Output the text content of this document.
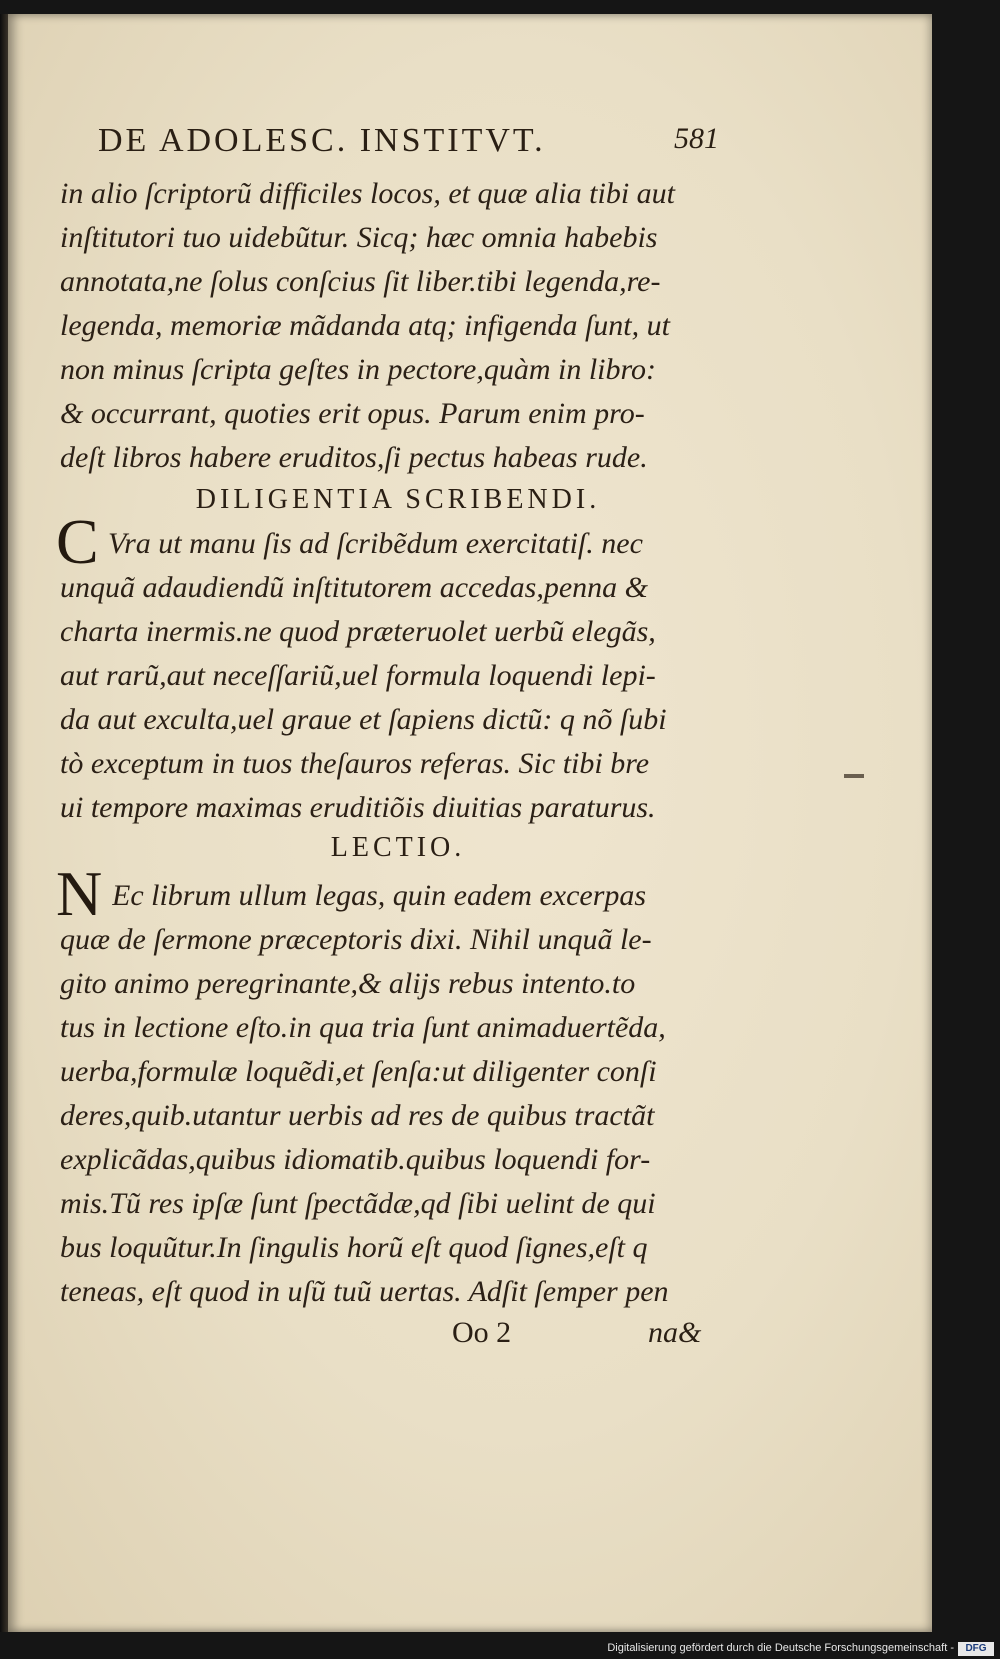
DE ADOLESC. INSTITVT.	581
in alio ſcriptorũ difficiles locos, et quæ alia tibi aut
inſtitutori tuo uidebũtur. Sicq; hæc omnia habebis
annotata,ne ſolus conſcius ſit liber.tibi legenda,re-
legenda, memoriæ mãdanda atq; infigenda ſunt, ut
non minus ſcripta geſtes in pectore,quàm in libro:
& occurrant, quoties erit opus. Parum enim pro-
deſt libros habere eruditos,ſi pectus habeas rude.
DILIGENTIA SCRIBENDI.
C Vra ut manu ſis ad ſcribẽdum exercitatiſ. nec
unquã adaudiendũ inſtitutorem accedas,penna &
charta inermis.ne quod præteruolet uerbũ elegãs,
aut rarũ,aut neceſſariũ,uel formula loquendi lepi-
da aut exculta,uel graue et ſapiens dictũ: q nõ ſubi
tò exceptum in tuos theſauros referas. Sic tibi bre
ui tempore maximas eruditiõis diuitias paraturus.
LECTIO.
N Ec librum ullum legas, quin eadem excerpas
quæ de ſermone præceptoris dixi. Nihil unquã le-
gito animo peregrinante,& alijs rebus intento.to
tus in lectione eſto.in qua tria ſunt animaduertẽda,
uerba,formulæ loquẽdi,et ſenſa:ut diligenter conſi
deres,quib.utantur uerbis ad res de quibus tractãt
explicãdas,quibus idiomatib.quibus loquendi for-
mis.Tũ res ipſæ ſunt ſpectãdæ,qd ſibi uelint de qui
bus loquũtur.In ſingulis horũ eſt quod ſignes,eſt q
teneas, eſt quod in uſũ tuũ uertas. Adſit ſemper pen
Oo 2	na&
Digitalisierung gefördert durch die Deutsche Forschungsgemeinschaft -	DFG
